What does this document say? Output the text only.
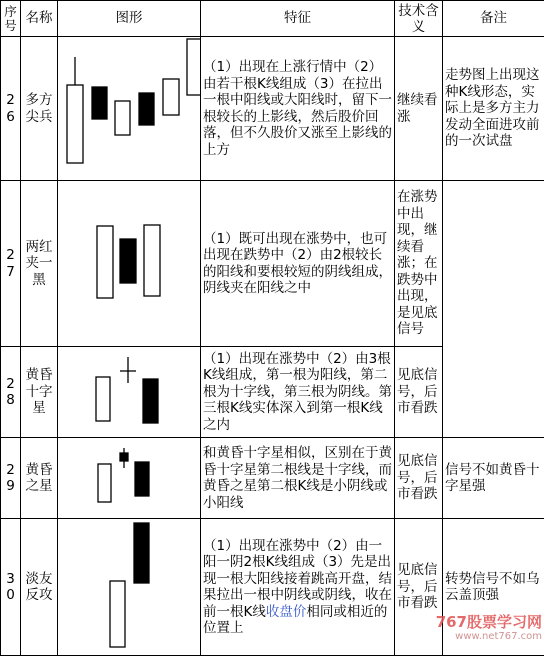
序号	名称	图形	特征	技术含义	备注
26	多方尖兵		（1）出现在上涨行情中（2）由若干根K线组成（3）在拉出一根中阳线或大阳线时，留下一根较长的上影线，然后股价回落，但不久股价又涨至上影线的上方	继续看涨	走势图上出现这种K线形态，实际上是多方主力发动全面进攻前的一次试盘
27	两红夹一黑		（1）既可出现在涨势中，也可出现在跌势中（2）由2根较长的阳线和要根较短的阴线组成，阴线夹在阳线之中	在涨势中出现，继续看涨；在跌势中出现，是见底信号	
28	黄昏十字星		（1）出现在涨势中（2）由3根K线组成，第一根为阳线，第二根为十字线，第三根为阴线。第三根K线实体深入到第一根K线之内	见底信号，后市看跌	
29	黄昏之星		和黄昏十字星相似，区别在于黄昏十字星第二根线是十字线，而黄昏之星第二根K线是小阴线或小阳线	见底信号，后市看跌	信号不如黄昏十字星强
30	淡友反攻		（1）出现在涨势中（2）由一阳一阴2根K线组成（3）先是出现一根大阳线接着跳高开盘，结果拉出一根中阴线或阴线，收在前一根K线收盘价相同或相近的位置上	见底信号，后市看跌	转势信号不如乌云盖顶强
767股票学习网
www.net767.com
